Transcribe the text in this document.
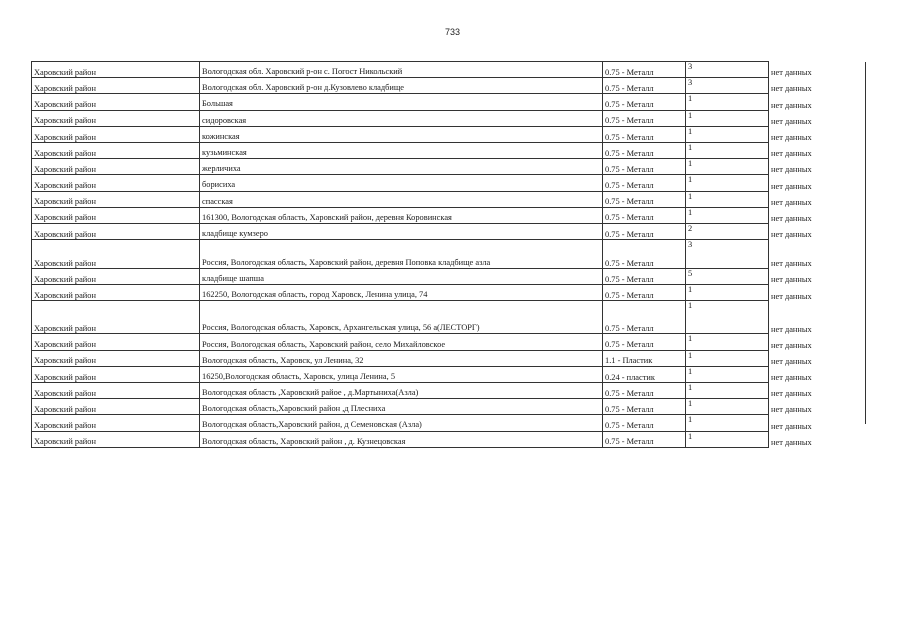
733
Харовский район	Вологодская обл. Харовский р-он с. Погост Никольский	0.75 - Металл	3	нет данных
Харовский район	Вологодская обл. Харовский р-он д.Кузовлево кладбище	0.75 - Металл	3	нет данных
Харовский район	Большая	0.75 - Металл	1	нет данных
Харовский район	сидоровская	0.75 - Металл	1	нет данных
Харовский район	кожинская	0.75 - Металл	1	нет данных
Харовский район	кузьминская	0.75 - Металл	1	нет данных
Харовский район	жерличиха	0.75 - Металл	1	нет данных
Харовский район	борисиха	0.75 - Металл	1	нет данных
Харовский район	спасская	0.75 - Металл	1	нет данных
Харовский район	161300, Вологодская область, Харовский район, деревня Коровинская	0.75 - Металл	1	нет данных
Харовский район	кладбище кумзеро	0.75 - Металл	2	нет данных
Харовский район	Россия, Вологодская область, Харовский район, деревня Поповка кладбище азла	0.75 - Металл	3	нет данных
Харовский район	кладбище шапша	0.75 - Металл	5	нет данных
Харовский район	162250, Вологодская область, город Харовск, Ленина улица, 74	0.75 - Металл	1	нет данных
Харовский район	Россия, Вологодская область, Харовск, Архангельская улица, 56 а(ЛЕСТОРГ)	0.75 - Металл	1	нет данных
Харовский район	Россия, Вологодская область, Харовский район, село Михайловское	0.75 - Металл	1	нет данных
Харовский район	Вологодская область, Харовск, ул Ленина, 32	1.1 - Пластик	1	нет данных
Харовский район	16250,Вологодская область, Харовск, улица Ленина, 5	0.24 - пластик	1	нет данных
Харовский район	Вологодская область ,Харовский райое , д.Мартыниха(Азла)	0.75 - Металл	1	нет данных
Харовский район	Вологодская область,Харовский район ,д Плесниха	0.75 - Металл	1	нет данных
Харовский район	Вологодская область,Харовский район, д Семеновская (Азла)	0.75 - Металл	1	нет данных
Харовский район	Вологодская область, Харовский район , д. Кузнецовская	0.75 - Металл	1	нет данных
